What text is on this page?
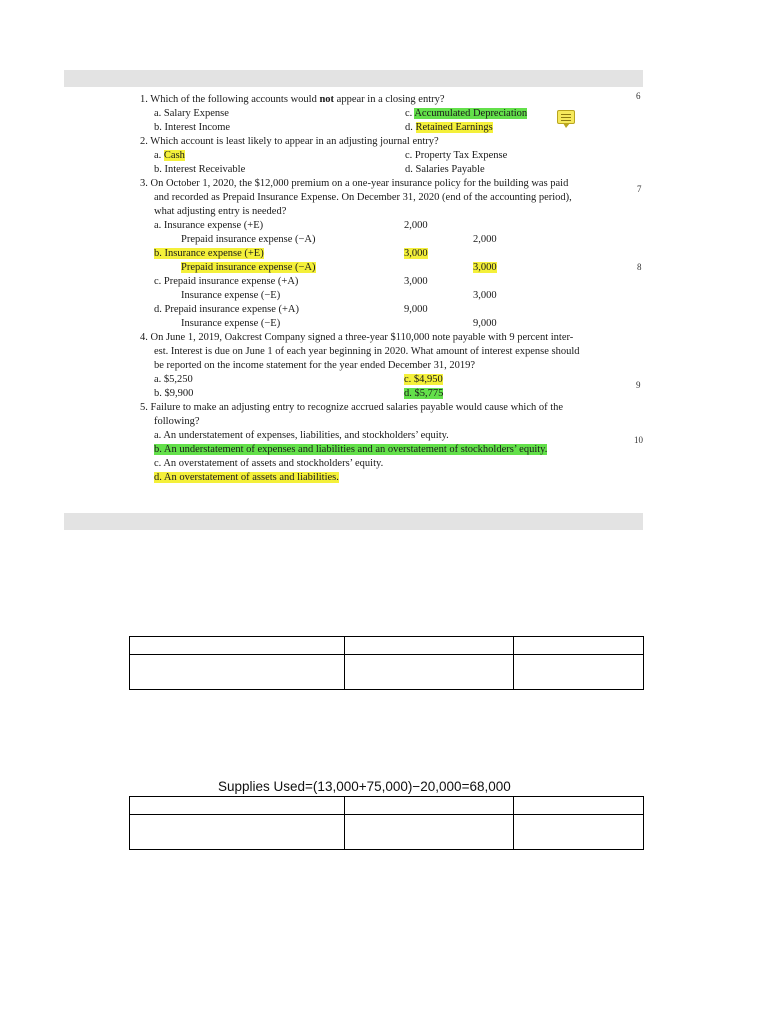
1. Which of the following accounts would not appear in a closing entry?
a. Salary Expense
b. Interest Income
c. Accumulated Depreciation
d. Retained Earnings
2. Which account is least likely to appear in an adjusting journal entry?
a. Cash
b. Interest Receivable
c. Property Tax Expense
d. Salaries Payable
3. On October 1, 2020, the $12,000 premium on a one-year insurance policy for the building was paid
and recorded as Prepaid Insurance Expense. On December 31, 2020 (end of the accounting period),
what adjusting entry is needed?
a. Insurance expense (+E)	2,000
Prepaid insurance expense (−A)	2,000
b. Insurance expense (+E)	3,000
Prepaid insurance expense (−A)	3,000
c. Prepaid insurance expense (+A)	3,000
Insurance expense (−E)	3,000
d. Prepaid insurance expense (+A)	9,000
Insurance expense (−E)	9,000
4. On June 1, 2019, Oakcrest Company signed a three-year $110,000 note payable with 9 percent inter-
est. Interest is due on June 1 of each year beginning in 2020. What amount of interest expense should
be reported on the income statement for the year ended December 31, 2019?
a. $5,250
b. $9,900
c. $4,950
d. $5,775
5. Failure to make an adjusting entry to recognize accrued salaries payable would cause which of the
following?
a. An understatement of expenses, liabilities, and stockholders’ equity.
b. An understatement of expenses and liabilities and an overstatement of stockholders’ equity.
c. An overstatement of assets and stockholders’ equity.
d. An overstatement of assets and liabilities.
6
7
8
9
10

Supplies Used=(13,000+75,000)−20,000=68,000
